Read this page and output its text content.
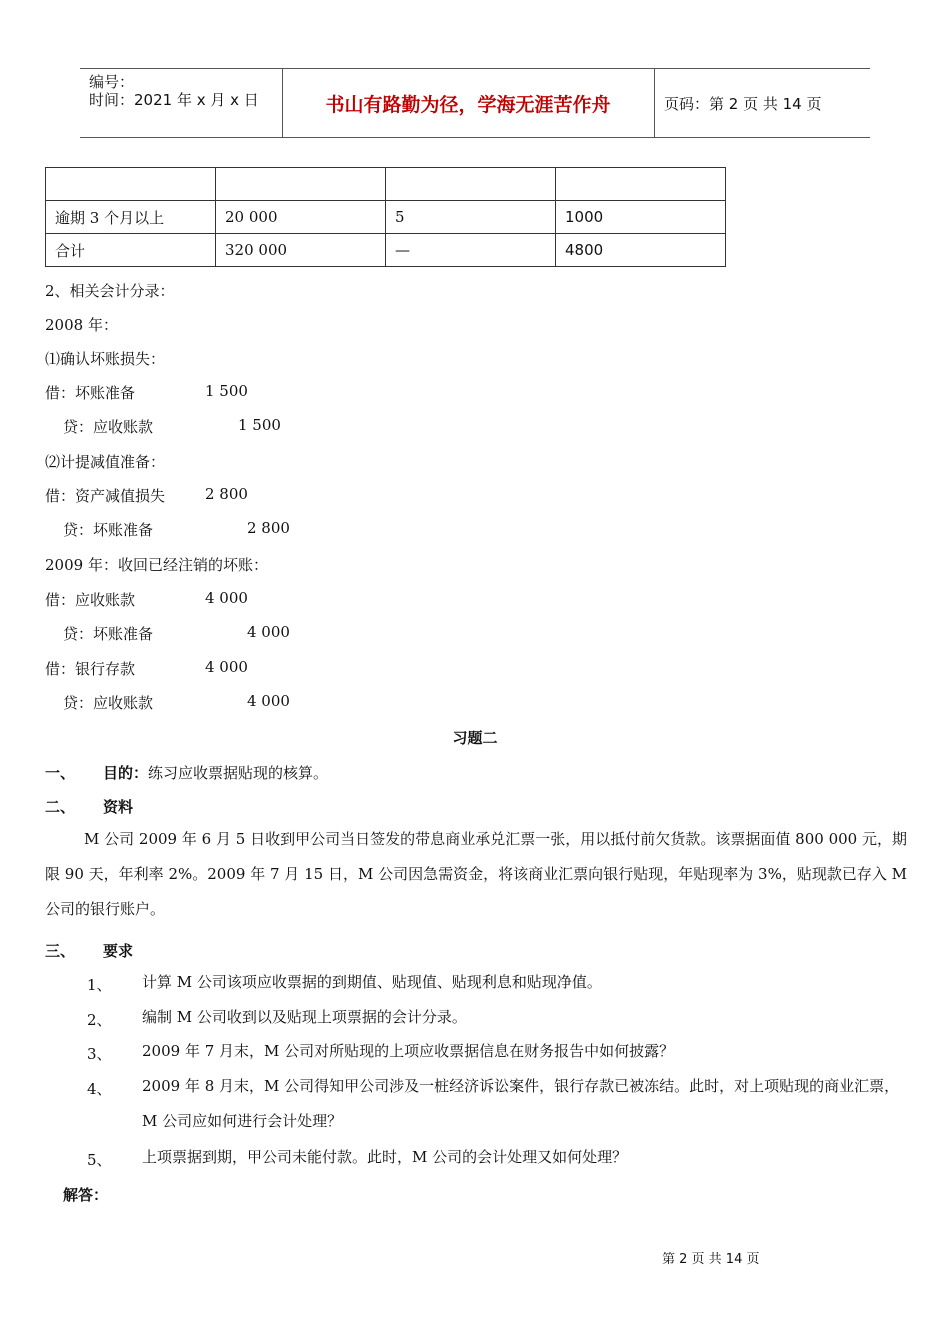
编号：
时间：2021 年 x 月 x 日	书山有路勤为径，学海无涯苦作舟	页码：第 2 页 共 14 页

逾期 3 个月以上	20 000	5	1000
合计	320 000	—	4800
2、相关会计分录：
2008 年：
⑴确认坏账损失：
借：坏账准备	1 500
贷：应收账款	1 500
⑵计提减值准备：
借：资产减值损失	2 800
贷：坏账准备	2 800
2009 年：收回已经注销的坏账：
借：应收账款	4 000
贷：坏账准备	4 000
借：银行存款	4 000
贷：应收账款	4 000
习题二
一、 目的：练习应收票据贴现的核算。
二、 资料
M 公司 2009 年 6 月 5 日收到甲公司当日签发的带息商业承兑汇票一张，用以抵付前欠货款。该票据面值 800 000 元，期限 90 天，年利率 2%。2009 年 7 月 15 日，M 公司因急需资金，将该商业汇票向银行贴现，年贴现率为 3%，贴现款已存入 M 公司的银行账户。
三、 要求
1、 计算 M 公司该项应收票据的到期值、贴现值、贴现利息和贴现净值。
2、 编制 M 公司收到以及贴现上项票据的会计分录。
3、 2009 年 7 月末，M 公司对所贴现的上项应收票据信息在财务报告中如何披露？
4、 2009 年 8 月末，M 公司得知甲公司涉及一桩经济诉讼案件，银行存款已被冻结。此时，对上项贴现的商业汇票，M 公司应如何进行会计处理？
5、 上项票据到期，甲公司未能付款。此时，M 公司的会计处理又如何处理？
解答：
第 2 页 共 14 页
